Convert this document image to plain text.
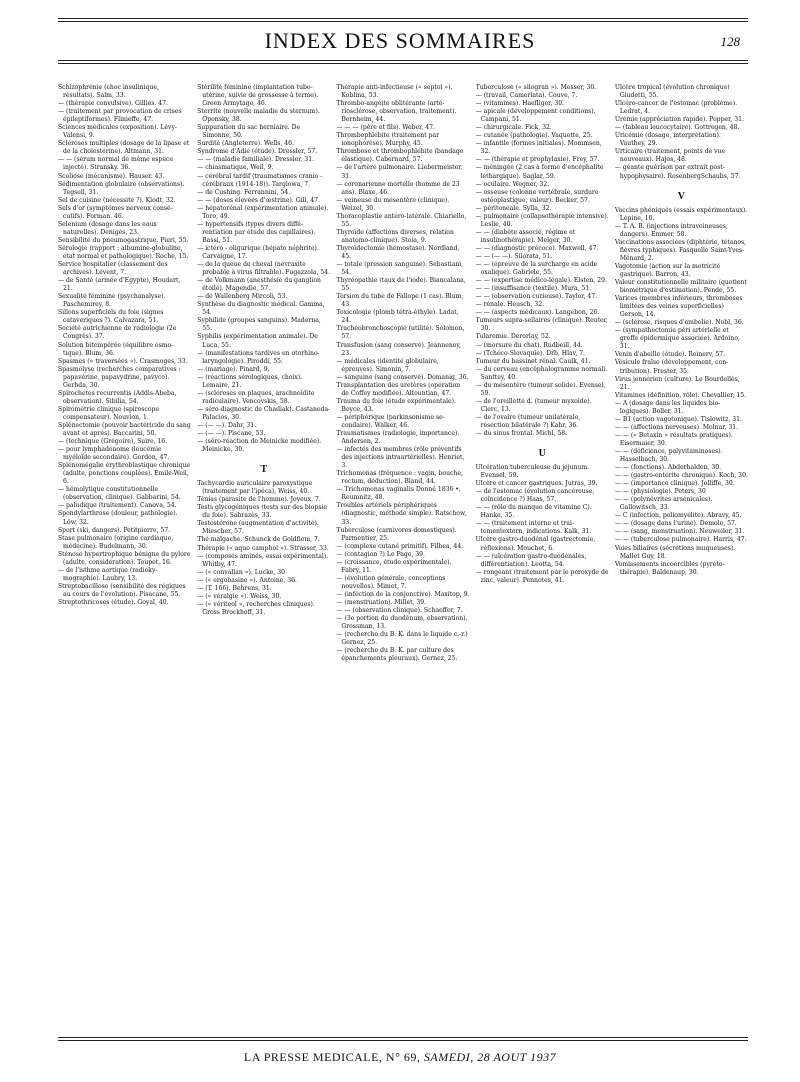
INDEX DES SOMMAIRES	128

Schizophrénie (choc insulinique, résultats). Salm, 33.

— (thérapie convulsive). Gillies. 47.

— (traitement par provocation de crises épileptiformes). Flinieffe, 47.

Sciences médicales (exposition). Lévy-Valensi, 9.

Scléroses multiples (dosage de la lipase et de la cholestérine). Altmann, 31.

— — (sérum normal de même espèce injecté). Stransky. 36.

Scoliose (mécanisme). Hauser. 43.

Sédimentation globulaire (observations). Tegsell, 31.

Sel de cuisine (nécessité ?). Klodt, 32.

Sels d'or (symptômes nerveux consécutifs). Forman. 46.

Selenium (dosage dans les eaux naturelles). Denigès, 23.

Sensibilité du pneumogastrique. Pieri, 55.

Sérologie (rapport : albumine-globuline, état normal et pathologique). Roche, 15.

Service hospitalier (classement des archives). Lévent, 7.

— de Santé (armée d'Egypte), Houdart, 21.

Sexualité féminine (psychanalyse). Paschemirey, 8.

Sillons superficiels du foie (signes cataveriques ?). Calvazara, 51.

Société autrichienne de radiologie (2e Congrès). 37.

Solution bitempérée (équilibre osmotique). Blum, 36.

Spasmes (« traversées »). Crasmoges, 33.

Spasmolyse (recherches comparatives : papavérine, papavydrine, pavyco). Gerhda, 30.

Spirochetes recurrentis (Addis-Abeba, observation). Sibilia, 54.

Spirométrie clinique (spiroscope compensateur). Nouvion, 1.

Splénectomie (pouvoir bactéricide du sang avant et après). Baccarini, 50.

— (technique (Grégoire), Suire, 16.

— pour lymphadénome (leucémie myéloïde secondaire). Gordon, 47.

Splénomégalie érythroblastique chronique (adulte, ponctions couplées). Emile-Weil, 6.

— hémolytique constitutionnelle (observation, clinique). Gabbarini, 54.

— paludique (traitement). Canova, 54.

Spondylarthrose (douleur, pathologie). Löw, 32.

Sport (ski, dangers). Petitpierre, 57.

Stase pulmonaire (origine cardiaque, médecine). Budelmann, 30.

Sténose hypertrophique bénigne du pylore (adulte, considération). Toupet, 16.

— de l'isthme aortique (radiokymographie). Laubry, 13.

Streptobacillose (sensibilité des régiques au cours de l'évolution). Pisacane, 55.

Streptothricoses (étude). Goyal, 40.

Stérilité féminine (implantation tubo-utérine, suivie de grossesse à terme). Green Armytage, 46.

Sterrite (nouvelle maladie du sternum). Oponsky, 38.

Suppuration du sac herniaire. De Simonne, 50.

Surdité (Angleterre). Wells, 46.

Syndrome d'Adie (étude). Dressler, 57.

— — (maladie familiale). Dressler, 31.

— chiasmatique, Weil, 9.

— cérébral tardif (traumatismes cranio - cérébraux (1914-18)). Targlowa, 7.

— de Cushing. Ferrannini, 54.

— — (doses élevées d'œstrine). Gill, 47.

— hépatorénal (expérimentation animale). Toro, 49.

— hypertensifs (types divers différentiation par étude des capillaires). Bassi, 51.

— ictéro - oligurique (hépato néphrite). Carvaigne, 17.

— de la queue de cheval (névraxite probable à virus filtrable). Fugazzola, 54.

— de Volkmann (anesthésie du ganglion étoilé). Magendie, 57.

— de Wallenberg Mircoli, 53.

Synthèse du diagnostic médical. Gamma, 54.

Syphilide (groupes sanguins). Maderna, 55.

Syphilis (expérimentation animale). De Luca, 55.

— (manifestations tardives en otorhino-laryngologie). Piroddi, 55.

— (mariage). Pinard, 9.

— (réactions sérologiques, choix). Lemaire, 21.

— (scléroses en plaques, arachnoïdite radiculaire). Vencovskis, 58.

— séro-diagnostic de Chadiak). Castaneda-Palacios, 30.

— (— —). Dahr, 31.

— (— —). Piscane, 53.

— (séro-réaction de Meinicke modifiée). Meinicke, 30.

T

Tachycardie auriculaire paroxystique (traitement par l'ipéca), Weiss, 40.

Ténias (parasite de l'homme). Joyeux, 7.

Tests glycogéniques (tests sur des biopsie du foie). Sabrazès, 33.

Testostérone (augmentation d'activité). Miescher, 57.

Thé malgache. Schunck de Goldfiem, 7.

Thérapie (« aquo camphol »). Strasser, 33.

— (composés aminés, essai expérimental). Whitby, 47.

— (« convallan »). Lucke, 30

— (« ergobasine »). Antoine, 36.

— (T. 166). Behrens, 31.

— (« véralgie »). Weiss, 30.

— (« vériteol », recherches cliniques). Gross Brockhoff, 31.

Thérapie anti-infectieuse (« septol »). Koblina, 53.

Thrombo-angéite oblitérante (artériosclérose, observation, traitement). Bernheim, 44.

— — — (père et fils). Weber, 47.

Thrombophlébite (traitement par ionophorèse). Murphy, 45.

Thrombose et thrombophlébite (bandage élastique). Cabernard, 57.

— de l'artère pulmonaire. Liebermeister, 31.

— coronarienne mortelle (homme de 23 ans). Blaxe, 46.

— veineuse du mésentère (clinique). Weizel, 30.

Thoracoplastie antéro-latérale. Chiariello, 55.

Thyroïde (affections diverses, relation anatomo-clinique). Stoia, 9.

Thyroïdectomie (hémostase). Nordland, 45.

— totale (pression sanguine). Sebastiani, 54.

Thyréopathie (taux de l'iode). Biancalana, 55.

Torsion du tube de Fallope (1 cas). Blum, 43.

Toxicologie (plomb tétra-éthyle). Ladat, 24.

Trachéobronchoscopie (utilité). Solomon, 57.

Transfusion (sang conservé). Jeanneney, 23.

— médicales (identité globulaire, épreuves). Simonin, 7.

— sanguine (sang conservé). Domanig, 36.

Transplantation des uretères (opération de Coffey modifiée). Altountian, 47.

Trauma du foie (étude expérimentale). Boyce, 43.

— périphérique (parkinsonisme secondaire). Walker, 46.

Traumatismes (radiologie, importance). Andersen, 2.

— infectés des membres (rôle préventifs des injections intraartérielles). Henriet, 3.

Trichomonas (fréquence : vagin, bouche, rectum, déduction). Bland, 44.

— Trichomonas vaginalis Donné 1836 •. Reumnitz, 48.

Troubles artériels périphériques (diagnostic, méthode simple). Ratschow, 33.

Tuberculose (carnivores domestiques). Parmentier, 25.

— (complexe cutané primitif). Filbea, 44.

— (contagion ?) Le Page, 39.

— (croissance, étude expérimentale). Fabry, 11.

— (évolution générale, conceptions nouvelles). Mimet, 7.

— (infection de la conjonctive). Maxitop, 9.

— (menstruation). Millet, 39.

— — (observation clinique). Schaeffer, 7.

— (3e portion du duodénum, observation). Grossman, 13.

— (recherche du B. K. dans le liquide c.-r.) Gernez, 25.

— (recherche du B. K. par culture des épanchements pleuraux). Gernez, 25.

Tuberculose (« silogran »). Messer, 30.

— (travail, Camerlata). Couve, 7.

— (vitamines). Haefliger, 30.

— apicale (développement conditions). Campani, 51.

— chirurgicale. Fick, 32.

— cutanée (pathologie). Vaquette, 25.

— infantile (formes initiales). Mommsen, 32.

— — (thérapie et prophylaxie). Frey, 57.

— méningée (2 cas à forme d'encéphalite léthargique). Saglar, 59.

— oculaire. Wegner, 32.

— osseuse (colonne vertébrale, surdure ostéoplastique, valeur). Becker, 57.

— péritonéale. Sylla, 32.

— pulmonaire (collapsothérapie intensive). Leslie, 40.

— — (diabète associé, régime et insulinothérapie). Melger, 30.

— — (diagnostic précoce). Maxwell, 47.

— — (— —). Silorata, 51.

— — (épreuve de la surcharge en acide oxalique). Gabriele, 55.

— — (expertise médico-légale). Elsten, 29.

— — (insuffisance (textile). Mura, 51.

— — (observation curieuse). Taylor, 47.

— rénale. Heusch, 32.

— — (aspects médicaux). Langebon, 26.

Tumeurs supra-sellaires (clinique). Reuter, 30.

Tularemie. Derorlay, 52.

— (morsure du chat). Rudbeill, 44.

— (Tchéco-Slovaquie). Drb, Hlav, 7.

Tumeur du bassinet rénal. Caulk, 41.

— du cerveau (encéphalogramme normal). Santtey, 40.

— du mésentère (tumeur solide). Evensel, 59.

— de l'oreillette d. (tumeur myxoïde). Clerc, 13.

— de l'ovaire (tumeur unilatérale, résection bilatérale ?) Kahr, 36.

— du sinus frontal. Michl, 58.

U

Ulcération tuberculeuse du jéjunum. Evensel, 59.

Ulcère et cancer gastriques. Jutras, 39.

— de l'estomac (évolution cancéreuse, coïncidence ?) Haas, 57.

— — (rôle du manque de vitamine C). Hanke, 35.

— — (traitement interne et traitementextern, indications. Kalk, 31.

Ulcère gastro-duodénal (gastrectomie, réflexions). Mouchet, 6.

— — (ulcération gastro-duodénales, différentiation). Leotta, 54.

— rongeant (traitement par le peroxyde de zinc, valeur). Pennotes, 41.

Ulcère tropical (évolution chronique) Giudetti, 55.

Ulcéro-cancer de l'estomac (problème). Ledrat, 4.

Urémie (appréciation rapide). Popper, 31.

— (tableau leucocytaire). Gottregen, 48.

Uricémie (dosage, interprétation). Vauthey, 29.

Urticaire (traitement, points de vue nouveaux). Hajos, 48.

— géante guérison par extrait posthypophysaire). RosenbergSchaubs, 57.

V

Vaccins phéniqués (essais expérimentaux). Lépine, 10.

— T. A. B. (injections intraveineuses, dangers). Emmer, 58.

Vaccinations associées (diphtérie, tétanos, fièvres typhiques). Fasquelle Saint-Yves-Ménard, 2.

Vagotomie (action sur la motricité gastrique). Barron, 43.

Valeur constitutionnelle militaire (quotient biométrique d'estimation). Pende, 55.

Varices (membres inférieurs, thromboses limitées des veines superficielles) Gerson, 14.

— (sclérose, risques d'embolie). Nobl, 36.

— (sympathectomie péri artérielle et greffe épidermique associée). Ardoino, 31.

Venin d'abeille (étude). Reinerv, 57.

Vésicule fraîse (développement, contribution). Frester, 35.

Virus jennérien (culture). Le Bourdellès, 21.

Vitamines (définition, rôle). Chevallier, 15.

— A (dosage dans les liquides biologiques). Boller, 31.

— B1 (action vagotonique). Tislowitz, 31.

— — (affections nerveuses). Molnar, 31.

— — (« Betaxin » résultats pratiques). Eisermaier, 30.

— — (déficience, polyvitaminoses). Hasselbach, 30.

— — (fonctions). Abderhalden, 30.

— — (gastro-entérite chronique). Koch, 30.

— — (importance clinique). Jolliffe, 30.

— — (physiologie). Peters, 30

— — (polynévrites arsénicales). Gallowitsch, 33.

— C (infection, poliomyélite). Abravy, 45.

— — (dosage dans l'urine). Demole, 57.

— — (sang, menstruation). Neuweiler, 31.

— — (tuberculose pulmonaire). Harris, 47.

Voies biliaires (sécrétions muqueuses). Mallet Guy, 18.

Vomissements incoercibles (pyrétothérapie). Baldenaup, 30.

LA PRESSE MEDICALE, N° 69, SAMEDI, 28 AOUT 1937
